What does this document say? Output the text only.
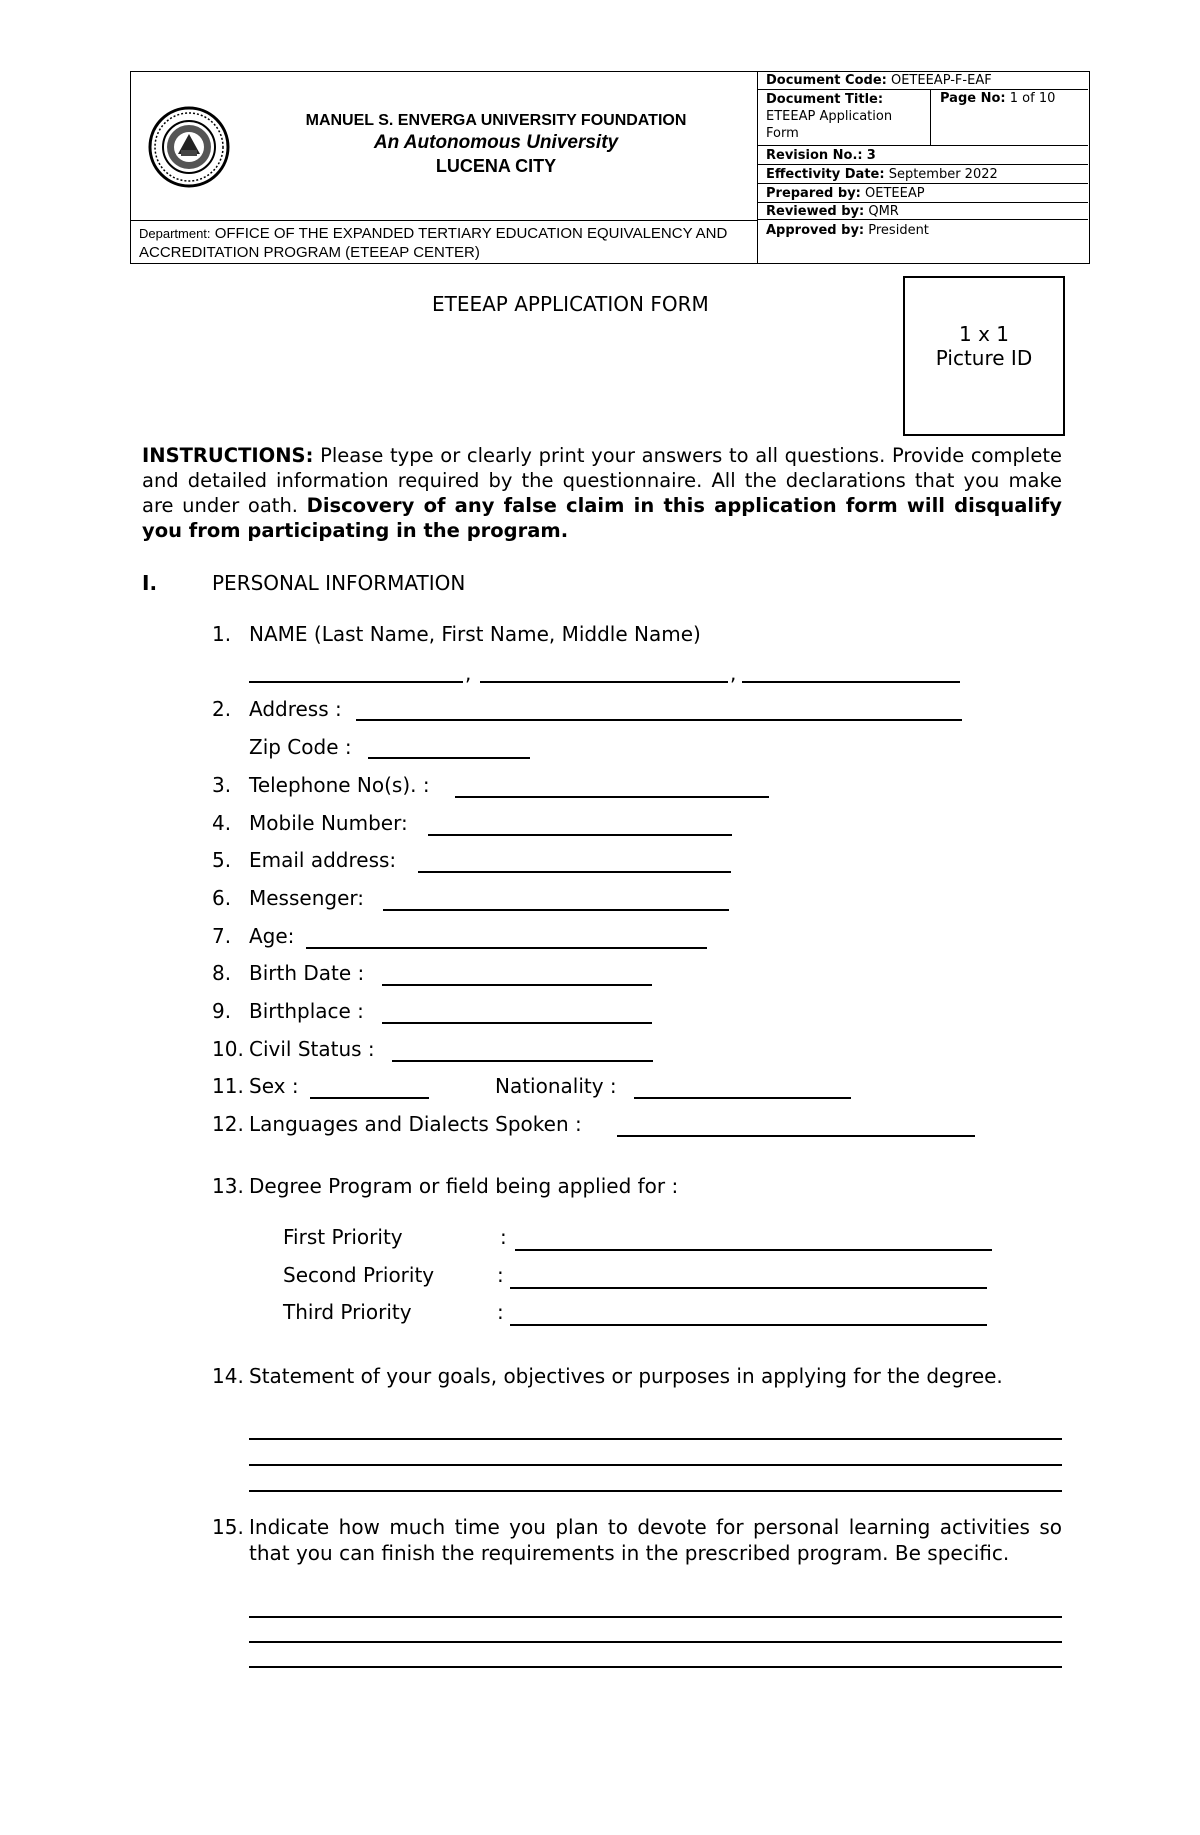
MANUEL S. ENVERGA UNIVERSITY FOUNDATION
An Autonomous University
LUCENA CITY
Department: OFFICE OF THE EXPANDED TERTIARY EDUCATION EQUIVALENCY AND ACCREDITATION PROGRAM (ETEEAP CENTER)
Document Code: OETEEAP-F-EAF
Document Title:
ETEEAP Application Form
Page No: 1 of 10
Revision No.: 3
Effectivity Date: September 2022
Prepared by: OETEEAP
Reviewed by: QMR
Approved by: President
ETEEAP APPLICATION FORM
1 x 1
Picture ID
INSTRUCTIONS: Please type or clearly print your answers to all questions. Provide complete and detailed information required by the questionnaire. All the declarations that you make are under oath. Discovery of any false claim in this application form will disqualify you from participating in the program.
I.	PERSONAL INFORMATION
1. NAME (Last Name, First Name, Middle Name)
,	,
2. Address :
Zip Code :
3. Telephone No(s). :
4. Mobile Number:
5. Email address:
6. Messenger:
7. Age:
8. Birth Date :
9. Birthplace :
10. Civil Status :
11. Sex :	Nationality :
12. Languages and Dialects Spoken :
13. Degree Program or field being applied for :
First Priority	:
Second Priority	:
Third Priority	:
14. Statement of your goals, objectives or purposes in applying for the degree.
15. Indicate how much time you plan to devote for personal learning activities so that you can finish the requirements in the prescribed program. Be specific.
